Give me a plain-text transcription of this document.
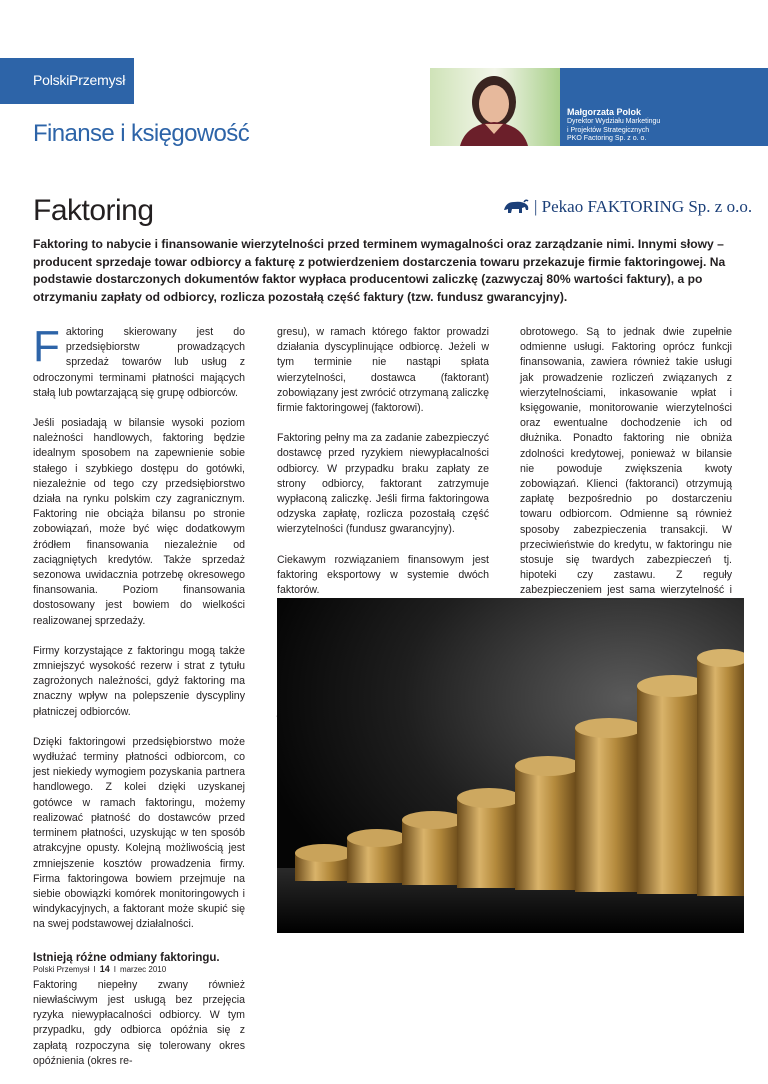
PolskiPrzemysł
Finanse i księgowość
Małgorzata Polok
Dyrektor Wydziału Marketingu
i Projektów Strategicznych
PKO Factoring Sp. z o. o.
Faktoring	| Pekao FAKTORING Sp. z o.o.
Faktoring to nabycie i finansowanie wierzytelności przed terminem wymagalności oraz zarządzanie nimi. Innymi słowy – producent sprzedaje towar odbiorcy a fakturę z potwierdzeniem dostarczenia towaru przekazuje firmie faktoringowej. Na podstawie dostarczonych dokumentów faktor wypłaca producentowi zaliczkę (zazwyczaj 80% wartości faktury), a po otrzymaniu zapłaty od odbiorcy, rozlicza pozostałą część faktury (tzw. fundusz gwarancyjny).

Faktoring skierowany jest do przedsiębiorstw prowadzących sprzedaż towarów lub usług z odroczonymi terminami płatności mających stałą lub powtarzającą się grupę odbiorców.

Jeśli posiadają w bilansie wysoki poziom należności handlowych, faktoring będzie idealnym sposobem na zapewnienie sobie stałego i szybkiego dostępu do gotówki, niezależnie od tego czy przedsiębiorstwo działa na rynku polskim czy zagranicznym. Faktoring nie obciąża bilansu po stronie zobowiązań, może być więc dodatkowym źródłem finansowania niezależnie od zaciągniętych kredytów. Także sprzedaż sezonowa uwidacznia potrzebę okresowego finansowania. Poziom finansowania dostosowany jest bowiem do wielkości realizowanej sprzedaży.

Firmy korzystające z faktoringu mogą także zmniejszyć wysokość rezerw i strat z tytułu zagrożonych należności, gdyż faktoring ma znaczny wpływ na polepszenie dyscypliny płatniczej odbiorców.

Dzięki faktoringowi przedsiębiorstwo może wydłużać terminy płatności odbiorcom, co jest niekiedy wymogiem pozyskania partnera handlowego. Z kolei dzięki uzyskanej gotówce w ramach faktoringu, możemy realizować płatność do dostawców przed terminem płatności, uzyskując w ten sposób atrakcyjne opusty. Kolejną możliwością jest zmniejszenie kosztów prowadzenia firmy. Firma faktoringowa bowiem przejmuje na siebie obowiązki komórek monitoringowych i windykacyjnych, a faktorant może skupić się na swej podstawowej działalności.

Istnieją różne odmiany faktoringu.

Faktoring niepełny zwany również niewłaściwym jest usługą bez przejęcia ryzyka niewypłacalności odbiorcy. W tym przypadku, gdy odbiorca opóźnia się z zapłatą rozpoczyna się tolerowany okres opóźnienia (okres re-

gresu), w ramach którego faktor prowadzi działania dyscyplinujące odbiorcę. Jeżeli w tym terminie nie nastąpi spłata wierzytelności, dostawca (faktorant) zobowiązany jest zwrócić otrzymaną zaliczkę firmie faktoringowej (faktorowi).

Faktoring pełny ma za zadanie zabezpieczyć dostawcę przed ryzykiem niewypłacalności odbiorcy. W przypadku braku zapłaty ze strony odbiorcy, faktorant zatrzymuje wypłaconą zaliczkę. Jeśli firma faktoringowa odzyska zapłatę, rozlicza pozostałą część wierzytelności (fundusz gwarancyjny).

Ciekawym rozwiązaniem finansowym jest faktoring eksportowy w systemie dwóch faktorów.

obrotowego. Są to jednak dwie zupełnie odmienne usługi. Faktoring oprócz funkcji finansowania, zawiera również takie usługi jak prowadzenie rozliczeń związanych z wierzytelnościami, inkasowanie wpłat i księgowanie, monitorowanie wierzytelności oraz ewentualne dochodzenie ich od dłużnika. Ponadto faktoring nie obniża zdolności kredytowej, ponieważ w bilansie nie powoduje zwiększenia kwoty zobowiązań. Klienci (faktoranci) otrzymują zapłatę bezpośrednio po dostarczeniu towaru odbiorcom. Odmienne są również sposoby zabezpieczenia transakcji. W przeciwieństwie do kredytu, w faktoringu nie stosuje się twardych zabezpieczeń tj. hipoteki czy zastawu. Z reguły zabezpieczeniem jest sama wierzytelność i

Polski Przemysł I 14 I marzec 2010
